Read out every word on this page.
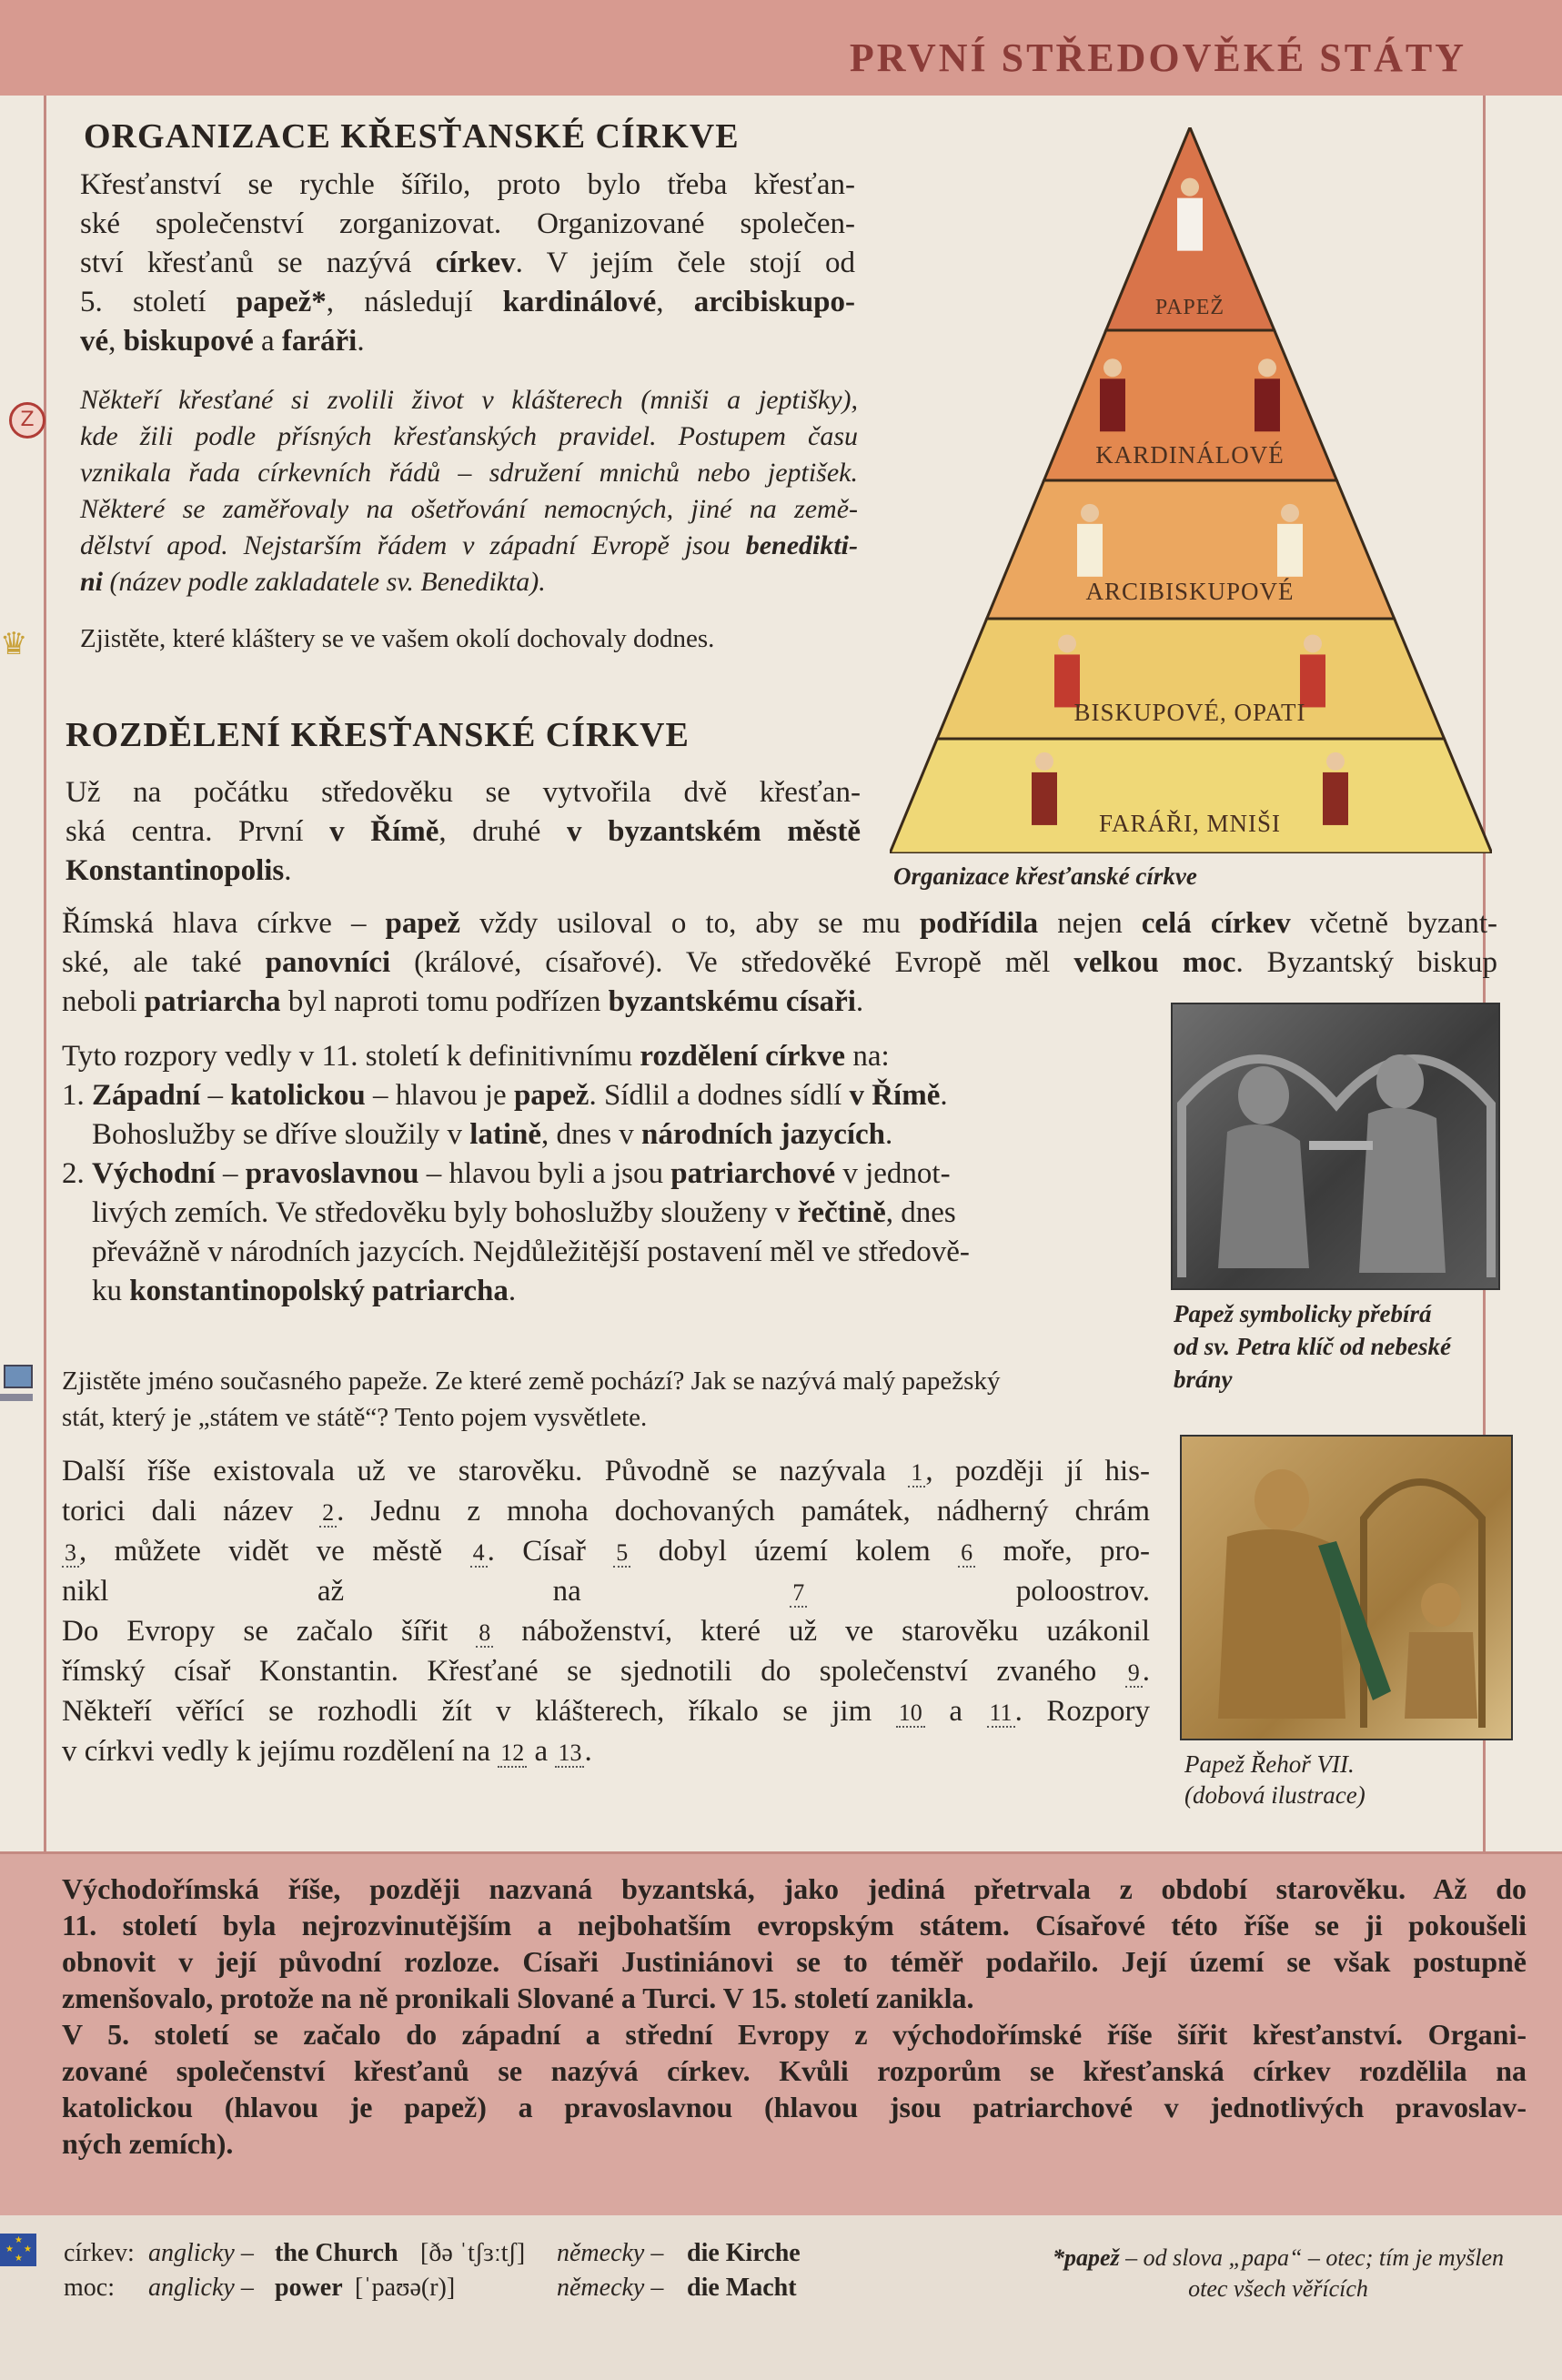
PRVNÍ STŘEDOVĚKÉ STÁTY
Z
♛
ORGANIZACE KŘESŤANSKÉ CÍRKVE
Křesťanství se rychle šířilo, proto bylo třeba křesťan-
ské společenství zorganizovat. Organizované společen-
ství křesťanů se nazývá církev. V jejím čele stojí od
5. století papež*, následují kardinálové, arcibiskupo-
vé, biskupové a faráři.
Někteří křesťané si zvolili život v klášterech (mniši a jeptišky),
kde žili podle přísných křesťanských pravidel. Postupem času
vznikala řada církevních řádů – sdružení mnichů nebo jeptišek.
Některé se zaměřovaly na ošetřování nemocných, jiné na země-
dělství apod. Nejstarším řádem v západní Evropě jsou benedikti-
ni (název podle zakladatele sv. Benedikta).
Zjistěte, které kláštery se ve vašem okolí dochovaly dodnes.
PAPEŽ
KARDINÁLOVÉ
ARCIBISKUPOVÉ
BISKUPOVÉ, OPATI
FARÁŘI, MNIŠI
Organizace křesťanské církve
ROZDĚLENÍ KŘESŤANSKÉ CÍRKVE
Už na počátku středověku se vytvořila dvě křesťan-
ská centra. První v Římě, druhé v byzantském městě
Konstantinopolis.
Římská hlava církve – papež vždy usiloval o to, aby se mu podřídila nejen celá církev včetně byzant-
ské, ale také panovníci (králové, císařové). Ve středověké Evropě měl velkou moc. Byzantský biskup
neboli patriarcha byl naproti tomu podřízen byzantskému císaři.
Tyto rozpory vedly v 11. století k definitivnímu rozdělení církve na:
1. Západní – katolickou – hlavou je papež. Sídlil a dodnes sídlí v Římě.
Bohoslužby se dříve sloužily v latině, dnes v národních jazycích.
2. Východní – pravoslavnou – hlavou byli a jsou patriarchové v jednot-
livých zemích. Ve středověku byly bohoslužby slouženy v řečtině, dnes
převážně v národních jazycích. Nejdůležitější postavení měl ve středově-
ku konstantinopolský patriarcha.
Zjistěte jméno současného papeže. Ze které země pochází? Jak se nazývá malý papežský
stát, který je „státem ve státě“? Tento pojem vysvětlete.
Papež symbolicky přebírá
od sv. Petra klíč od nebeské
brány
Papež Řehoř VII.
(dobová ilustrace)
Další říše existovala už ve starověku. Původně se nazývala 1, později jí his-
torici dali název 2. Jednu z mnoha dochovaných památek, nádherný chrám
3, můžete vidět ve městě 4. Císař 5 dobyl území kolem 6 moře, pro-
nikl až na 7 poloostrov.
Do Evropy se začalo šířit 8 náboženství, které už ve starověku uzákonil
římský císař Konstantin. Křesťané se sjednotili do společenství zvaného 9.
Někteří věřící se rozhodli žít v klášterech, říkalo se jim 10 a 11. Rozpory
v církvi vedly k jejímu rozdělení na 12 a 13.

Východořímská říše, později nazvaná byzantská, jako jediná přetrvala z období starověku. Až do

11. století byla nejrozvinutějším a nejbohatším evropským státem. Císařové této říše se ji pokoušeli

obnovit v její původní rozloze. Císaři Justiniánovi se to téměř podařilo. Její území se však postupně

zmenšovalo, protože na ně pronikali Slované a Turci. V 15. století zanikla.

V 5. století se začalo do západní a střední Evropy z východořímské říše šířit křesťanství. Organi-

zované společenství křesťanů se nazývá církev. Kvůli rozporům se křesťanská církev rozdělila na

katolickou (hlavou je papež) a pravoslavnou (hlavou jsou patriarchové v jednotlivých pravoslav-

ných zemích).

★
★ ★
★ církev: anglicky – the Church [ðə ˈtʃɜːtʃ] německy – die Kirche
moc: anglicky – power [ˈpaʊə(r)]	německy – die Macht
*papež – od slova „papa“ – otec; tím je myšlen
otec všech věřících
